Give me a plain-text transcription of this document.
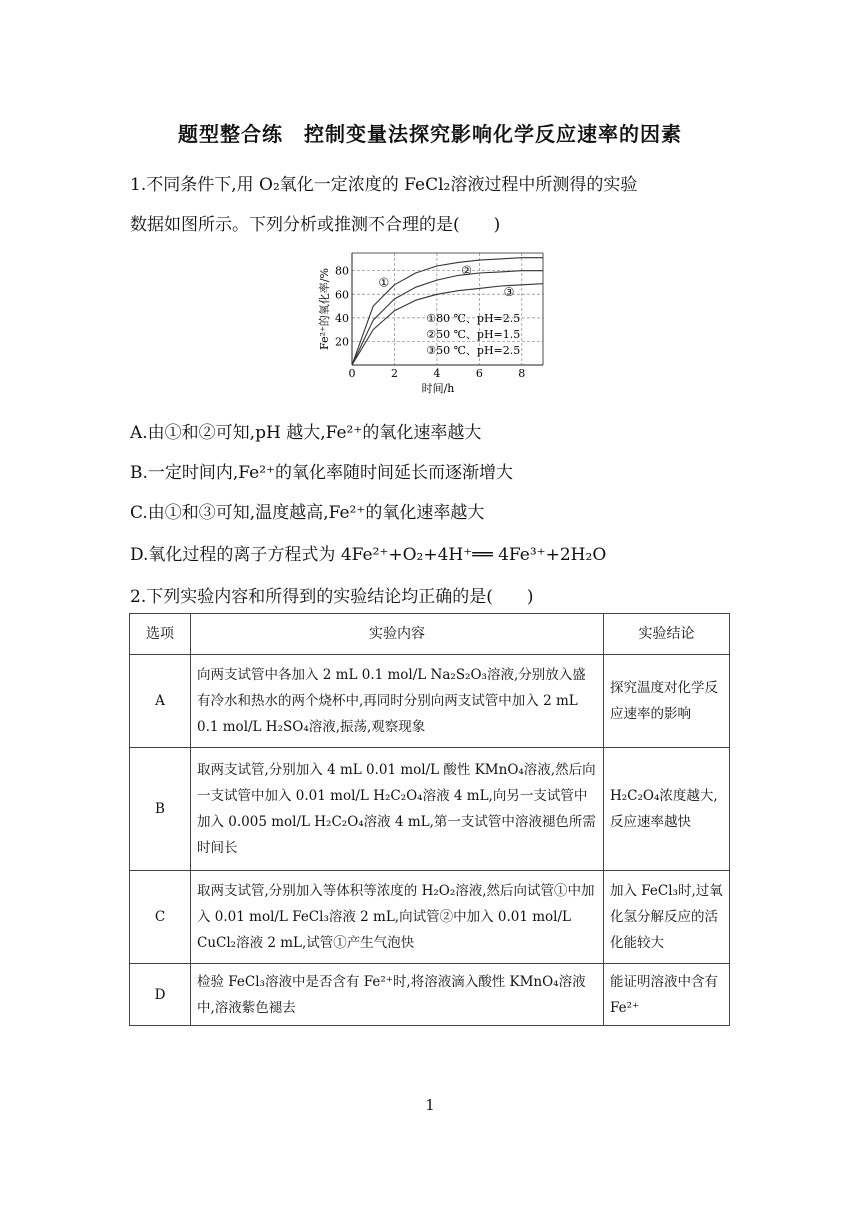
题型整合练　控制变量法探究影响化学反应速率的因素
1.不同条件下,用 O₂氧化一定浓度的 FeCl₂溶液过程中所测得的实验
数据如图所示。下列分析或推测不合理的是(　　)
0	2	4	6	8
20
40
60
80
①
②
③
时间/h
Fe²⁺的氧化率/%	①80 ℃、pH=2.5
②50 ℃、pH=1.5
③50 ℃、pH=2.5
A.由①和②可知,pH 越大,Fe²⁺的氧化速率越大
B.一定时间内,Fe²⁺的氧化率随时间延长而逐渐增大
C.由①和③可知,温度越高,Fe²⁺的氧化速率越大
D.氧化过程的离子方程式为 4Fe²⁺+O₂+4H⁺══ 4Fe³⁺+2H₂O
2.下列实验内容和所得到的实验结论均正确的是(　　)
选项	实验内容	实验结论
A	向两支试管中各加入 2 mL 0.1 mol/L Na₂S₂O₃溶液,分别放入盛有冷水和热水的两个烧杯中,再同时分别向两支试管中加入 2 mL 0.1 mol/L H₂SO₄溶液,振荡,观察现象	探究温度对化学反应速率的影响
B	取两支试管,分别加入 4 mL 0.01 mol/L 酸性 KMnO₄溶液,然后向一支试管中加入 0.01 mol/L H₂C₂O₄溶液 4 mL,向另一支试管中加入 0.005 mol/L H₂C₂O₄溶液 4 mL,第一支试管中溶液褪色所需时间长	H₂C₂O₄浓度越大,反应速率越快
C	取两支试管,分别加入等体积等浓度的 H₂O₂溶液,然后向试管①中加入 0.01 mol/L FeCl₃溶液 2 mL,向试管②中加入 0.01 mol/L CuCl₂溶液 2 mL,试管①产生气泡快	加入 FeCl₃时,过氧化氢分解反应的活化能较大
D	检验 FeCl₃溶液中是否含有 Fe²⁺时,将溶液滴入酸性 KMnO₄溶液中,溶液紫色褪去	能证明溶液中含有 Fe²⁺
1
